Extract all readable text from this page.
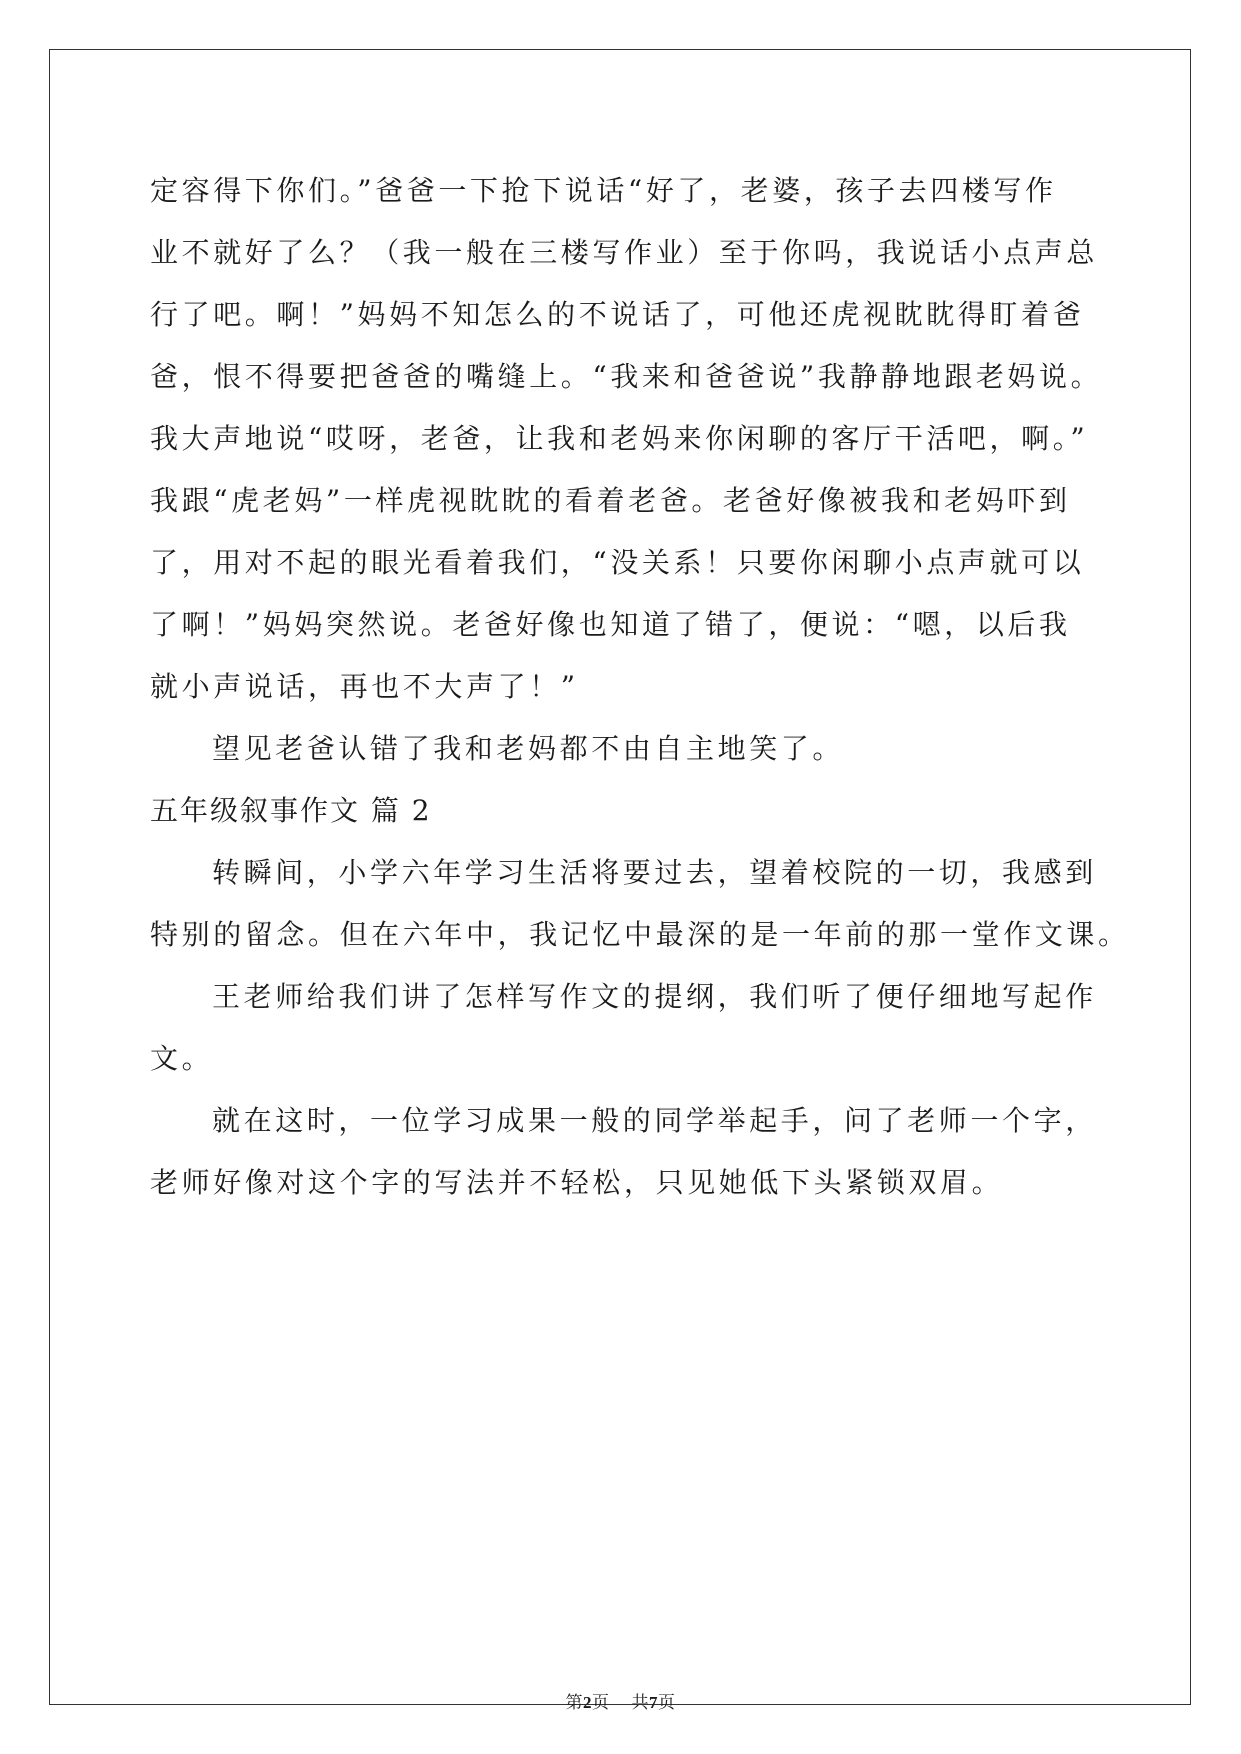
定容得下你们。”爸爸一下抢下说话“好了，老婆，孩子去四楼写作
业不就好了么？（我一般在三楼写作业）至于你吗，我说话小点声总
行了吧。啊！”妈妈不知怎么的不说话了，可他还虎视眈眈得盯着爸
爸，恨不得要把爸爸的嘴缝上。“我来和爸爸说”我静静地跟老妈说。
我大声地说“哎呀，老爸，让我和老妈来你闲聊的客厅干活吧，啊。”
我跟“虎老妈”一样虎视眈眈的看着老爸。老爸好像被我和老妈吓到
了，用对不起的眼光看着我们，“没关系！只要你闲聊小点声就可以
了啊！”妈妈突然说。老爸好像也知道了错了，便说：“嗯，以后我
就小声说话，再也不大声了！”
望见老爸认错了我和老妈都不由自主地笑了。
五年级叙事作文 篇 2
转瞬间，小学六年学习生活将要过去，望着校院的一切，我感到
特别的留念。但在六年中，我记忆中最深的是一年前的那一堂作文课。
王老师给我们讲了怎样写作文的提纲，我们听了便仔细地写起作
文。
就在这时，一位学习成果一般的同学举起手，问了老师一个字，
老师好像对这个字的写法并不轻松，只见她低下头紧锁双眉。
第2页 共7页
